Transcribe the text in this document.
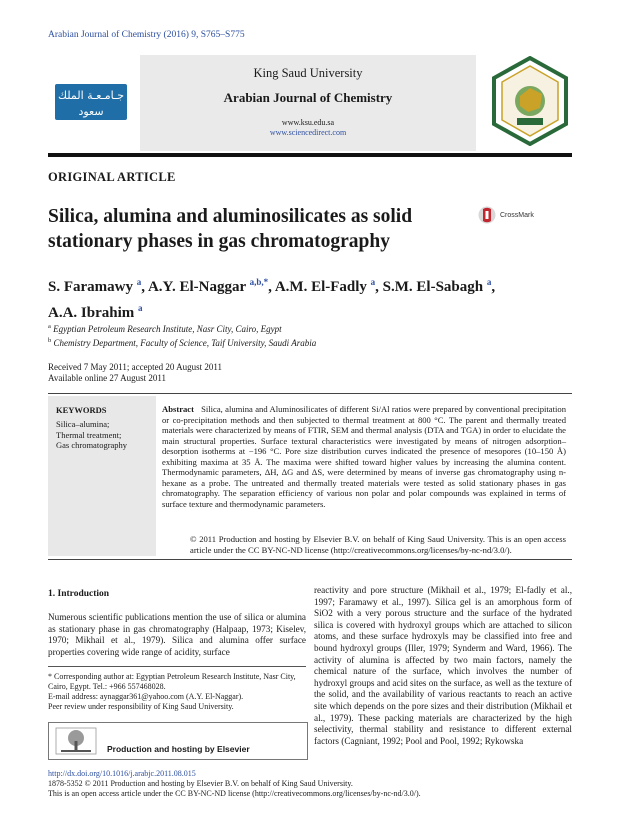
Arabian Journal of Chemistry (2016) 9, S765–S775
جـامـعـة الملك سعود
King Saud University
King Saud University
Arabian Journal of Chemistry
www.ksu.edu.sa
www.sciencedirect.com
ORIGINAL ARTICLE
Silica, alumina and aluminosilicates as solid stationary phases in gas chromatography
CrossMark
S. Faramawy $^a$, A.Y. El-Naggar $^{a,b,*}$, A.M. El-Fadly $^a$, S.M. El-Sabagh $^a$,
A.A. Ibrahim $^a$
$^a$ Egyptian Petroleum Research Institute, Nasr City, Cairo, Egypt
$^b$ Chemistry Department, Faculty of Science, Taif University, Saudi Arabia
Received 7 May 2011; accepted 20 August 2011
Available online 27 August 2011
KEYWORDS
Silica–alumina;
Thermal treatment;
Gas chromatography
Abstract Silica, alumina and Aluminosilicates of different Si/Al ratios were prepared by conventional precipitation or co-precipitation methods and then subjected to thermal treatment at 800 °C. The parent and thermally treated materials were characterized by means of FTIR, SEM and thermal analysis (DTA and TGA) in order to elucidate the main structural properties. Surface textural characteristics were investigated by means of nitrogen adsorption–desorption isotherms at −196 °C. Pore size distribution curves indicated the presence of mesopores (10–150 Å) exhibiting maxima at 35 Å. The maxima were shifted toward higher values by increasing the alumina content. Thermodynamic parameters, ΔH, ΔG and ΔS, were determined by means of inverse gas chromatography using n-hexane as a probe. The untreated and thermally treated materials were tested as solid stationary phases in gas chromatography. The separation efficiency of various non polar and polar compounds was explained in terms of surface texture and thermodynamic parameters.
© 2011 Production and hosting by Elsevier B.V. on behalf of King Saud University. This is an open access article under the CC BY-NC-ND license (http://creativecommons.org/licenses/by-nc-nd/3.0/).
1. Introduction
Numerous scientific publications mention the use of silica or alumina as stationary phase in gas chromatography (Halpaap, 1973; Kiselev, 1970; Mikhail et al., 1979). Silica and alumina offer surface properties covering wide range of acidity, surface
reactivity and pore structure (Mikhail et al., 1979; El-fadly et al., 1997; Faramawy et al., 1997). Silica gel is an amorphous form of SiO2 with a very porous structure and the surface of the hydrated silica is covered with hydroxyl groups which are attached to silicon atoms, and these surface hydroxyls may be classified into free and bound hydroxyl groups (Iller, 1979; Synderm and Ward, 1966). The activity of alumina is affected by two main factors, namely the chemical nature of the surface, which involves the number of hydroxyl groups and acid sites on the surface, as well as the texture of the solid, and the availability of various reactants to reach an active site which depends on the pore sizes and their distribution (Mikhail et al., 1979). These packing materials are characterized by the high selectivity, thermal stability and resistance to different external factors (Cagniant, 1992; Pool and Pool, 1992; Rykowska
* Corresponding author at: Egyptian Petroleum Research Institute, Nasr City, Cairo, Egypt. Tel.: +966 557468028.
E-mail address: aynaggar361@yahoo.com (A.Y. El-Naggar).
Peer review under responsibility of King Saud University.
Production and hosting by Elsevier
http://dx.doi.org/10.1016/j.arabjc.2011.08.015
1878-5352 © 2011 Production and hosting by Elsevier B.V. on behalf of King Saud University.
This is an open access article under the CC BY-NC-ND license (http://creativecommons.org/licenses/by-nc-nd/3.0/).
